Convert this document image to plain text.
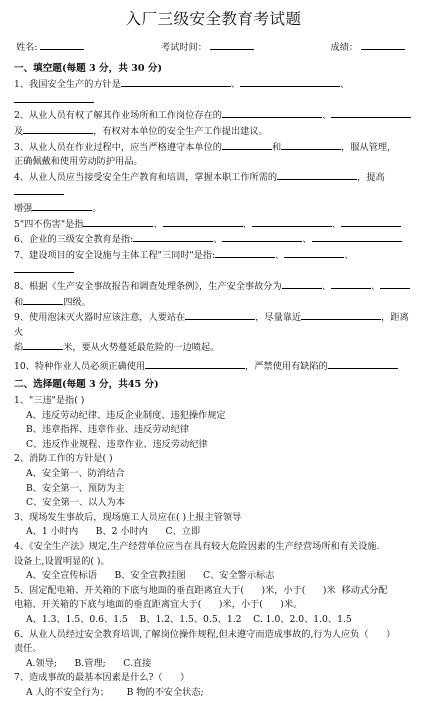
入厂三级安全教育考试题
姓名:	考试时间：	成绩：
一、填空题(每题 3 分，共 30 分)

1、我国安全生产的方针是	、	、

2、从业人员有权了解其作业场所和工作岗位存在的	、

及	，有权对本单位的安全生产工作提出建议。

3、从业人员在作业过程中，应当严格遵守本单位的	和	，服从管理，

正确佩戴和使用劳动防护用品。

4、从业人员应当接受安全生产教育和培训，掌握本职工作所需的	，提高

增强	。

5"四不伤害"是指	、	、	、

6、企业的三级安全教育是指:	、	、

7、建设项目的安全设施与主体工程"三同时"是指:	、	、

8、根据《生产安全事故报告和调查处理条例》，生产安全事故分为	、	、

和	四级。

9、使用泡沫灭火器时应该注意，人要站在	，尽量靠近	，距离火

焰	米，要从火势蔓延最危险的一边喷起。

10、特种作业人员必须正确使用	，严禁使用有缺陷的

二、选择题(每题 3 分，共45 分)

1、"三违"是指( )

A、违反劳动纪律、违反企业制度、违犯操作规定

B、违章指挥、违章作业、违反劳动纪律

C、违反作业规程、违章作业、违反劳动纪律

2、消防工作的方针是( )

A、安全第一、防消结合

B、安全第一、预防为主

C、安全第一、以人为本

3、现场发生事故后，现场施工人员应在( )上报主管领导

A、1 小时内      B、2 小时内      C、立即

4、《安全生产法》规定,生产经营单位应当在具有较大危险因素的生产经营场所和有关设施.

设备上,设置明显的( )。

A、安全宣传标语      B、安全宣教挂图      C、安全警示标志

5、固定配电箱、开关箱的下底与地面的垂直距离宜大于(      )米，小于(      )米  移动式分配

电箱、开关箱的下底与地面的垂直距离宜大于(      )米，小于(      )米。

A、1.3、1.5、0.6、1.5    B、1.2、1.5、0.5、1.2    C. 1.0、2.0、1.0、1.5

6、从业人员经过安全教育培训,了解岗位操作规程,但未遵守而造成事故的,行为人应负（      ）

责任。

A.领导;      B.管理;      C.直接

7、造成事故的最基本因素是什么?（      ）

A 人的不安全行为；      B 物的不安全状态;
